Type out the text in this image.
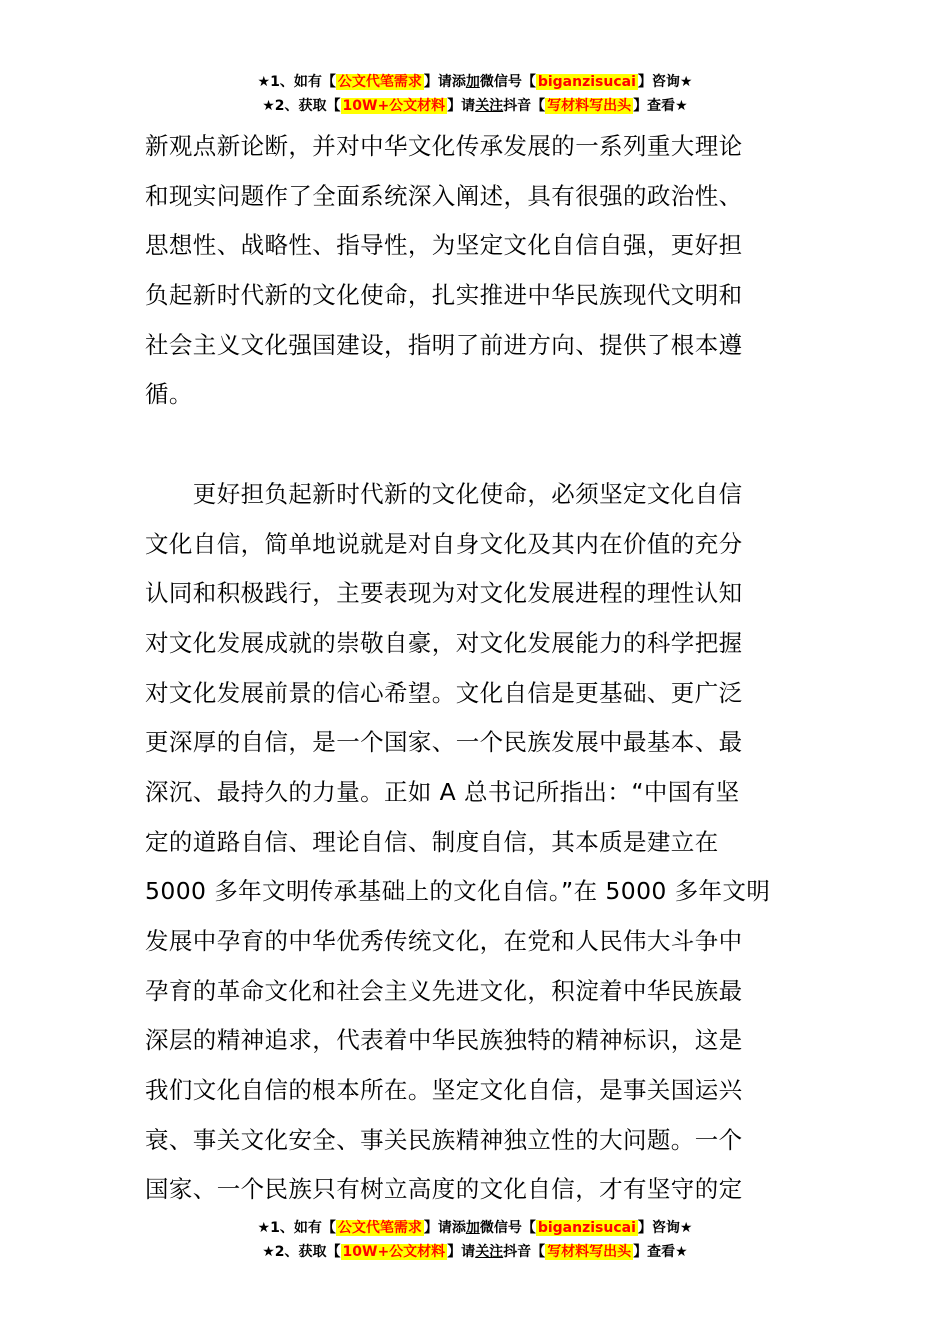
★1、如有【 公文代笔需求 】请添加微信号【 biganzisucai 】咨询★
★2、获取【 10W+公文材料 】请关注抖音【 写材料写出头 】查看★
新观点新论断，并对中华文化传承发展的一系列重大理论
和现实问题作了全面系统深入阐述，具有很强的政治性、
思想性、战略性、指导性，为坚定文化自信自强，更好担
负起新时代新的文化使命，扎实推进中华民族现代文明和
社会主义文化强国建设，指明了前进方向、提供了根本遵
循。
　　更好担负起新时代新的文化使命，必须坚定文化自信
文化自信，简单地说就是对自身文化及其内在价值的充分
认同和积极践行，主要表现为对文化发展进程的理性认知
对文化发展成就的崇敬自豪，对文化发展能力的科学把握
对文化发展前景的信心希望。文化自信是更基础、更广泛
更深厚的自信，是一个国家、一个民族发展中最基本、最
深沉、最持久的力量。正如 A 总书记所指出：“中国有坚
定的道路自信、理论自信、制度自信，其本质是建立在
5000 多年文明传承基础上的文化自信。”在 5000 多年文明
发展中孕育的中华优秀传统文化，在党和人民伟大斗争中
孕育的革命文化和社会主义先进文化，积淀着中华民族最
深层的精神追求，代表着中华民族独特的精神标识，这是
我们文化自信的根本所在。坚定文化自信，是事关国运兴
衰、事关文化安全、事关民族精神独立性的大问题。一个
国家、一个民族只有树立高度的文化自信，才有坚守的定
★1、如有【 公文代笔需求 】请添加微信号【 biganzisucai 】咨询★
★2、获取【 10W+公文材料 】请关注抖音【 写材料写出头 】查看★
